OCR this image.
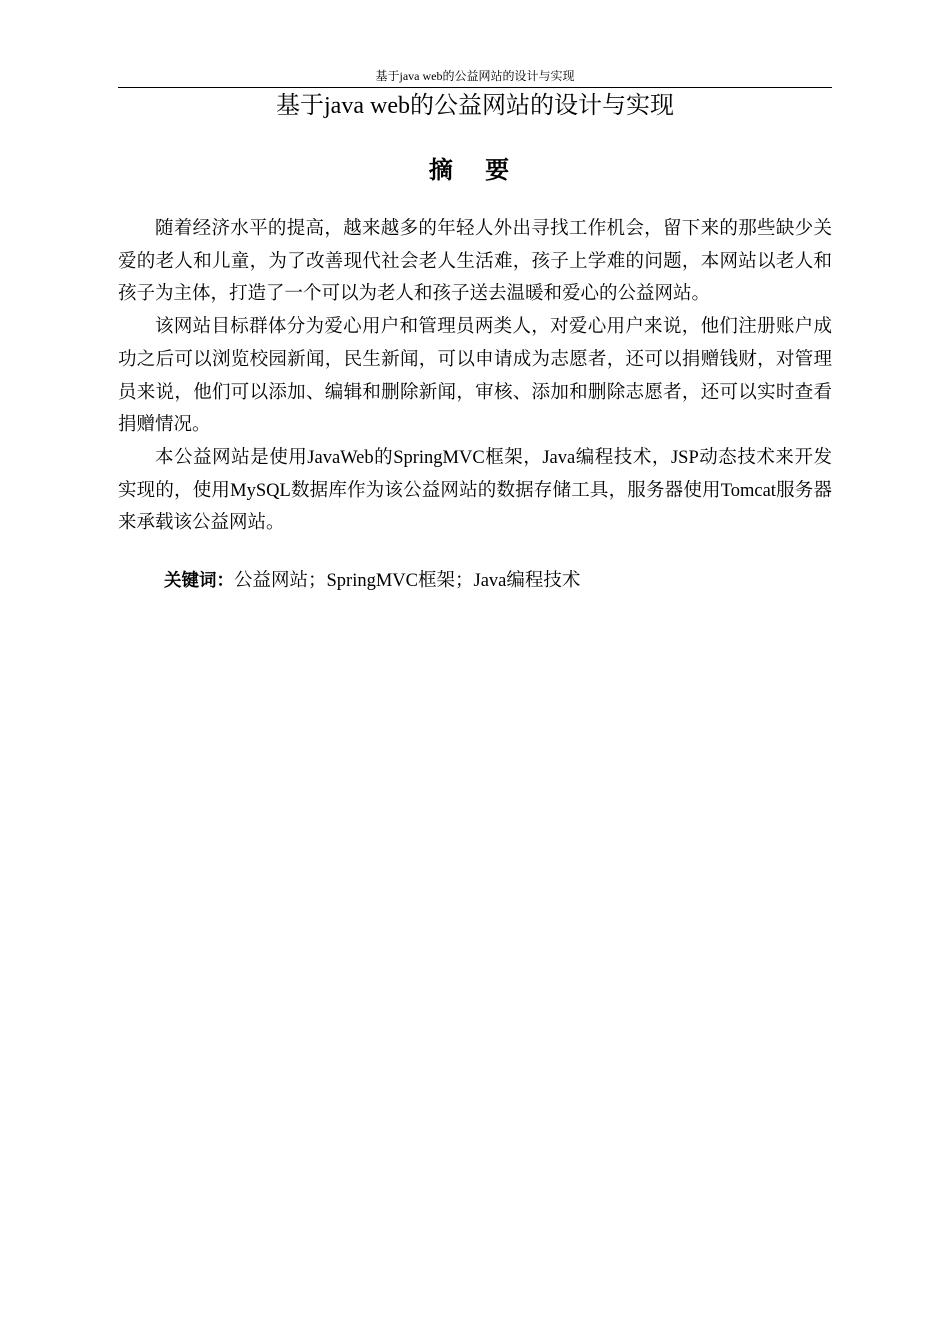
基于java web的公益网站的设计与实现
基于java web的公益网站的设计与实现
摘 要

随着经济水平的提高，越来越多的年轻人外出寻找工作机会，留下来的那些缺少关爱的老人和儿童，为了改善现代社会老人生活难，孩子上学难的问题，本网站以老人和孩子为主体，打造了一个可以为老人和孩子送去温暖和爱心的公益网站。

该网站目标群体分为爱心用户和管理员两类人，对爱心用户来说，他们注册账户成功之后可以浏览校园新闻，民生新闻，可以申请成为志愿者，还可以捐赠钱财，对管理员来说，他们可以添加、编辑和删除新闻，审核、添加和删除志愿者，还可以实时查看捐赠情况。

本公益网站是使用JavaWeb的SpringMVC框架，Java编程技术，JSP动态技术来开发实现的，使用MySQL数据库作为该公益网站的数据存储工具，服务器使用Tomcat服务器来承载该公益网站。

关键词：公益网站；SpringMVC框架；Java编程技术
